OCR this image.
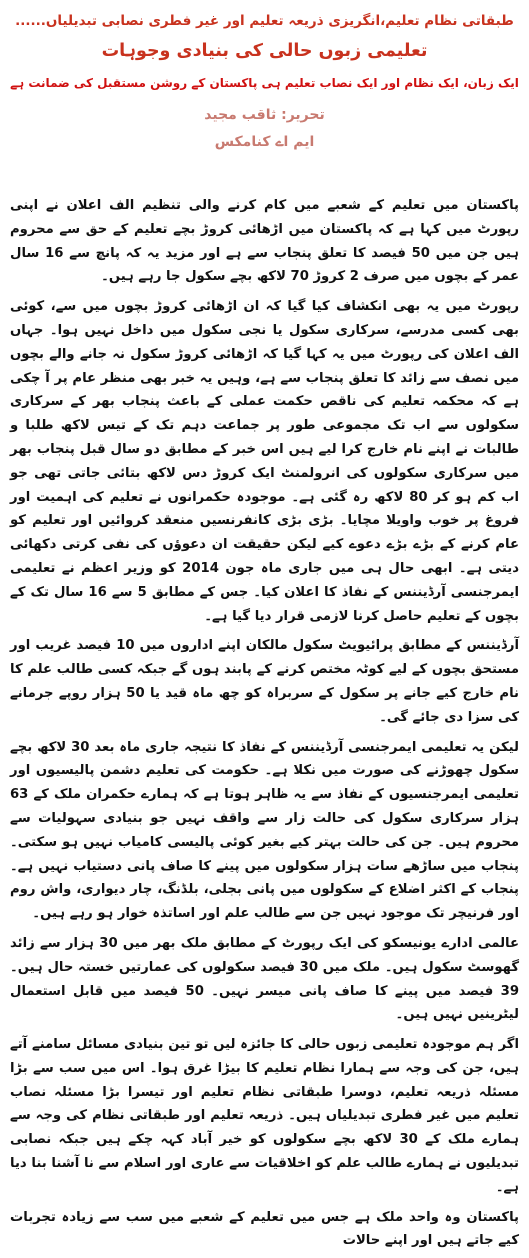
طبقاتی نظام تعلیم،انگریزی ذریعہ تعلیم اور غیر فطری نصابی تبدیلیاں......
تعلیمی زبوں حالی کی بنیادی وجوہات
ایک زبان، ایک نظام اور ایک نصاب تعلیم ہی پاکستان کے روشن مستقبل کی ضمانت ہے
تحریر: ثاقب مجید
ایم اے کنامکس

پاکستان میں تعلیم کے شعبے میں کام کرنے والی تنظیم الف اعلان نے اپنی رپورٹ میں کہا ہے کہ پاکستان میں اڑھائی کروڑ بچے تعلیم کے حق سے محروم ہیں جن میں 50 فیصد کا تعلق پنجاب سے ہے اور مزید یہ کہ پانچ سے 16 سال عمر کے بچوں میں صرف 2 کروڑ 70 لاکھ بچے سکول جا رہے ہیں۔

رپورٹ میں یہ بھی انکشاف کیا گیا کہ ان اڑھائی کروڑ بچوں میں سے، کوئی بھی کسی مدرسے، سرکاری سکول یا نجی سکول میں داخل نہیں ہوا۔ جہاں الف اعلان کی رپورٹ میں یہ کہا گیا کہ اڑھائی کروڑ سکول نہ جانے والے بچوں میں نصف سے زائد کا تعلق پنجاب سے ہے، وہیں یہ خبر بھی منظر عام پر آ چکی ہے کہ محکمہ تعلیم کی ناقص حکمت عملی کے باعث پنجاب بھر کے سرکاری سکولوں سے اب تک مجموعی طور پر جماعت دہم تک کے تیس لاکھ طلبا و طالبات نے اپنے نام خارج کرا لیے ہیں اس خبر کے مطابق دو سال قبل پنجاب بھر میں سرکاری سکولوں کی انرولمنٹ ایک کروڑ دس لاکھ بتائی جاتی تھی جو اب کم ہو کر 80 لاکھ رہ گئی ہے۔ موجودہ حکمرانوں نے تعلیم کی اہمیت اور فروغ پر خوب واویلا مچایا۔ بڑی بڑی کانفرنسیں منعقد کروائیں اور تعلیم کو عام کرنے کے بڑے بڑے دعوے کیے لیکن حقیقت ان دعوؤں کی نفی کرتی دکھائی دیتی ہے۔ ابھی حال ہی میں جاری ماہ جون 2014 کو وزیر اعظم نے تعلیمی ایمرجنسی آرڈیننس کے نفاذ کا اعلان کیا۔ جس کے مطابق 5 سے 16 سال تک کے بچوں کے تعلیم حاصل کرنا لازمی قرار دیا گیا ہے۔

آرڈیننس کے مطابق پرائیویٹ سکول مالکان اپنے اداروں میں 10 فیصد غریب اور مستحق بچوں کے لیے کوٹہ مختص کرنے کے پابند ہوں گے جبکہ کسی طالب علم کا نام خارج کیے جانے پر سکول کے سربراہ کو چھ ماہ قید یا 50 ہزار روپے جرمانے کی سزا دی جائے گی۔

لیکن یہ تعلیمی ایمرجنسی آرڈیننس کے نفاذ کا نتیجہ جاری ماہ بعد 30 لاکھ بچے سکول چھوڑنے کی صورت میں نکلا ہے۔ حکومت کی تعلیم دشمن پالیسیوں اور تعلیمی ایمرجنسیوں کے نفاذ سے یہ ظاہر ہوتا ہے کہ ہمارے حکمران ملک کے 63 ہزار سرکاری سکول کی حالت زار سے واقف نہیں جو بنیادی سہولیات سے محروم ہیں۔ جن کی حالت بہتر کیے بغیر کوئی پالیسی کامیاب نہیں ہو سکتی۔ پنجاب میں ساڑھے سات ہزار سکولوں میں پینے کا صاف پانی دستیاب نہیں ہے۔ پنجاب کے اکثر اضلاع کے سکولوں میں پانی بجلی، بلڈنگ، چار دیواری، واش روم اور فرنیچر تک موجود نہیں جن سے طالب علم اور اساتذہ خوار ہو رہے ہیں۔

عالمی ادارے یونیسکو کی ایک رپورٹ کے مطابق ملک بھر میں 30 ہزار سے زائد گھوسٹ سکول ہیں۔ ملک میں 30 فیصد سکولوں کی عمارتیں خستہ حال ہیں۔ 39 فیصد میں پینے کا صاف پانی میسر نہیں۔ 50 فیصد میں قابل استعمال لیٹرینیں نہیں ہیں۔

اگر ہم موجودہ تعلیمی زبوں حالی کا جائزہ لیں تو تین بنیادی مسائل سامنے آتے ہیں، جن کی وجہ سے ہمارا نظام تعلیم کا بیڑا غرق ہوا۔ اس میں سب سے بڑا مسئلہ ذریعہ تعلیم، دوسرا طبقاتی نظام تعلیم اور تیسرا بڑا مسئلہ نصاب تعلیم میں غیر فطری تبدیلیاں ہیں۔ ذریعہ تعلیم اور طبقاتی نظام کی وجہ سے ہمارے ملک کے 30 لاکھ بچے سکولوں کو خیر آباد کہہ چکے ہیں جبکہ نصابی تبدیلیوں نے ہمارے طالب علم کو اخلاقیات سے عاری اور اسلام سے نا آشنا بنا دیا ہے۔

پاکستان وہ واحد ملک ہے جس میں تعلیم کے شعبے میں سب سے زیادہ تجربات کیے جاتے ہیں اور اپنے حالات
